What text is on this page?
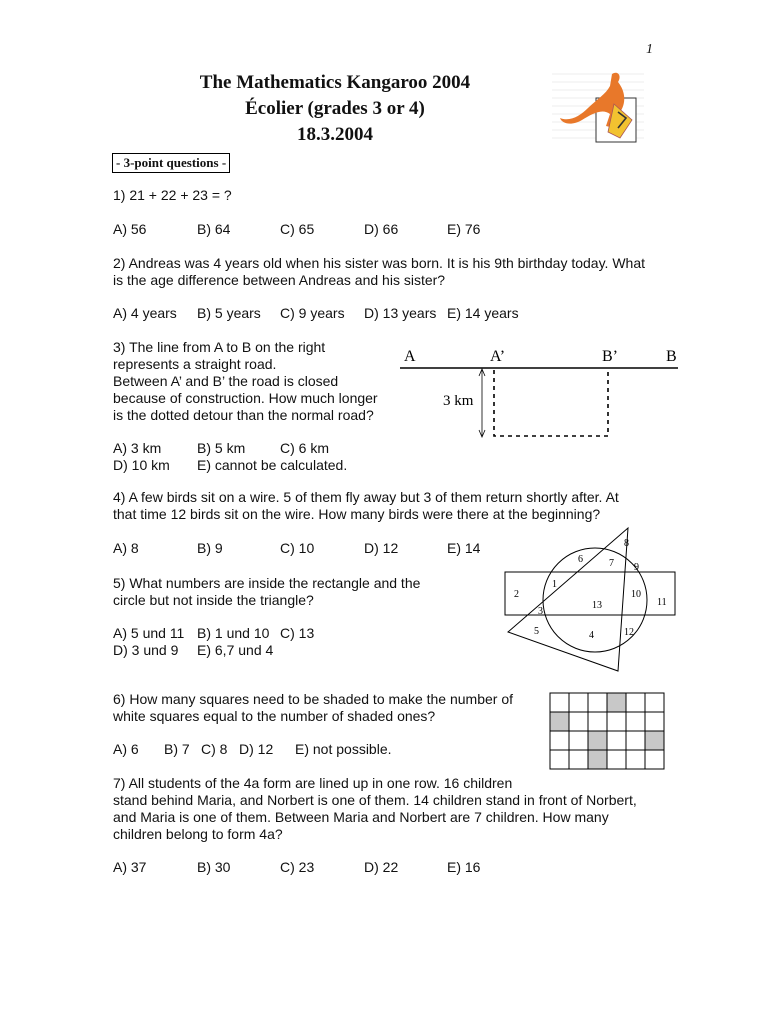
1
The Mathematics Kangaroo 2004
Écolier (grades 3 or 4)
18.3.2004
- 3-point questions -
1) 21 + 22 + 23 = ?
A) 56	B) 64	C) 65	D) 66	E) 76
2) Andreas was 4 years old when his sister was born. It is his 9th birthday today. What is the age difference between Andreas and his sister?
A) 4 years B) 5 years C) 9 years D) 13 years E) 14 years
3) The line from A to B on the right
represents a straight road.
Between A’ and B’ the road is closed
because of construction. How much longer
is the dotted detour than the normal road?
A) 3 km	B) 5 km C) 6 km
D) 10 km E) cannot be calculated.
A	A’	B’	B
3 km
4) A few birds sit on a wire. 5 of them fly away but 3 of them return shortly after. At that time 12 birds sit on the wire. How many birds were there at the beginning?
A) 8	B) 9	C) 10	D) 12	E) 14
5) What numbers are inside the rectangle and the
circle but not inside the triangle?
A) 5 und 11 B) 1 und 10 C) 13
D) 3 und 9 E) 6,7 und 4
1
2
3
4
5
6	7
8
9
10
11
12
13
6) How many squares need to be shaded to make the number of
white squares equal to the number of shaded ones?
A) 6 B) 7 C) 8 D) 12 E) not possible.
7) All students of the 4a form are lined up in one row. 16 children
stand behind Maria, and Norbert is one of them. 14 children stand in front of Norbert,
and Maria is one of them. Between Maria and Norbert are 7 children. How many
children belong to form 4a?
A) 37	B) 30	C) 23	D) 22	E) 16
